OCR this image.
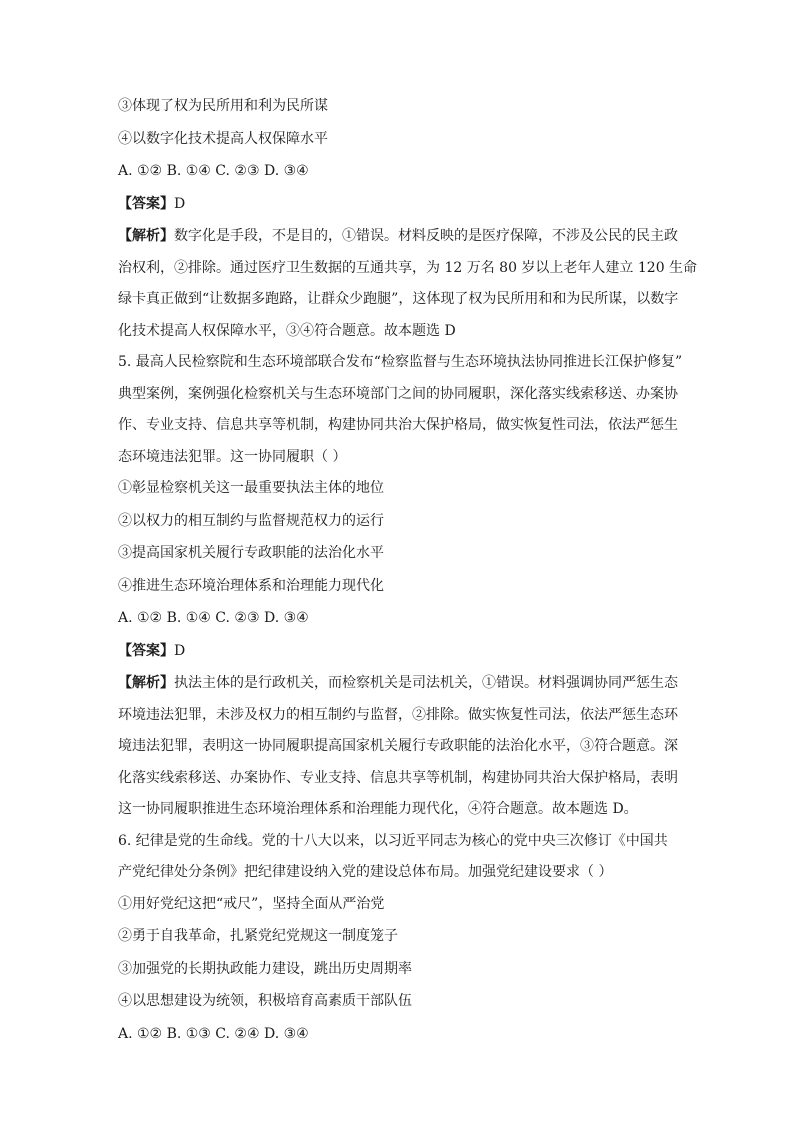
③体现了权为民所用和利为民所谋
④以数字化技术提高人权保障水平
A. ①② B. ①④ C. ②③ D. ③④
【答案】D
【解析】数字化是手段，不是目的，①错误。材料反映的是医疗保障，不涉及公民的民主政
治权利，②排除。通过医疗卫生数据的互通共享，为 12 万名 80 岁以上老年人建立 120 生命
绿卡真正做到“让数据多跑路，让群众少跑腿”，这体现了权为民所用和和为民所谋，以数字
化技术提高人权保障水平，③④符合题意。故本题选 D
5. 最高人民检察院和生态环境部联合发布“检察监督与生态环境执法协同推进长江保护修复”
典型案例，案例强化检察机关与生态环境部门之间的协同履职，深化落实线索移送、办案协
作、专业支持、信息共享等机制，构建协同共治大保护格局，做实恢复性司法，依法严惩生
态环境违法犯罪。这一协同履职（ ）
①彰显检察机关这一最重要执法主体的地位
②以权力的相互制约与监督规范权力的运行
③提高国家机关履行专政职能的法治化水平
④推进生态环境治理体系和治理能力现代化
A. ①② B. ①④ C. ②③ D. ③④
【答案】D
【解析】执法主体的是行政机关，而检察机关是司法机关，①错误。材料强调协同严惩生态
环境违法犯罪，未涉及权力的相互制约与监督，②排除。做实恢复性司法，依法严惩生态环
境违法犯罪，表明这一协同履职提高国家机关履行专政职能的法治化水平，③符合题意。深
化落实线索移送、办案协作、专业支持、信息共享等机制，构建协同共治大保护格局，表明
这一协同履职推进生态环境治理体系和治理能力现代化，④符合题意。故本题选 D。
6. 纪律是党的生命线。党的十八大以来，以习近平同志为核心的党中央三次修订《中国共
产党纪律处分条例》把纪律建设纳入党的建设总体布局。加强党纪建设要求（ ）
①用好党纪这把“戒尺”，坚持全面从严治党
②勇于自我革命，扎紧党纪党规这一制度笼子
③加强党的长期执政能力建设，跳出历史周期率
④以思想建设为统领，积极培育高素质干部队伍
A. ①② B. ①③ C. ②④ D. ③④
